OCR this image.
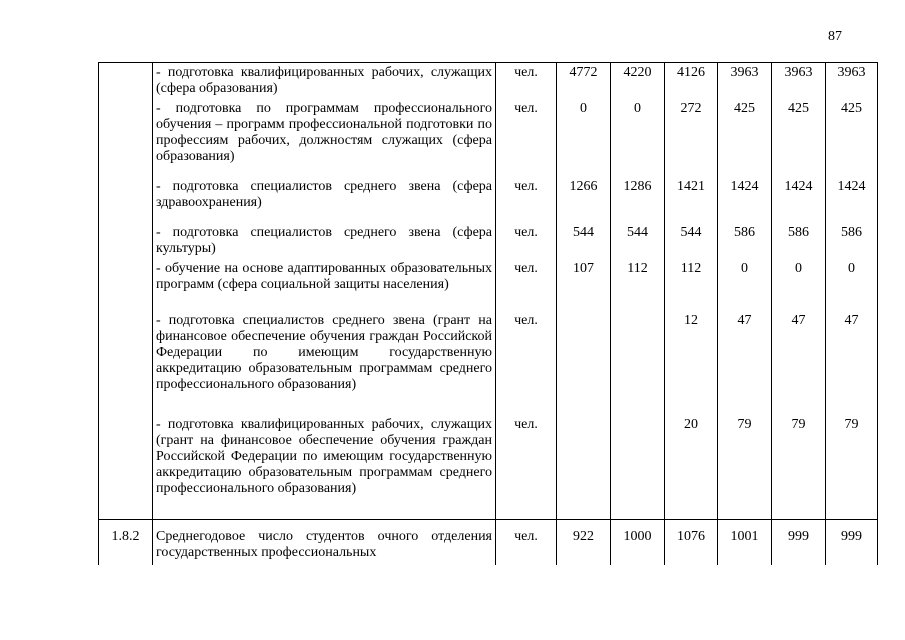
87
	- подготовка квалифицированных рабочих, служащих (сфера образования)	чел.	4772	4220	4126	3963	3963	3963
	- подготовка по программам профессионального обучения – программ профессиональной подготовки по профессиям рабочих, должностям служащих (сфера образования)	чел.	0	0	272	425	425	425
	- подготовка специалистов среднего звена (сфера здравоохранения)	чел.	1266	1286	1421	1424	1424	1424
	- подготовка специалистов среднего звена (сфера культуры)	чел.	544	544	544	586	586	586
	- обучение на основе адаптированных образовательных программ (сфера социальной защиты населения)	чел.	107	112	112	0	0	0
	- подготовка специалистов среднего звена (грант на финансовое обеспечение обучения граждан Российской Федерации по имеющим государственную аккредитацию образовательным программам среднего профессионального образования)	чел.			12	47	47	47
	- подготовка квалифицированных рабочих, служащих (грант на финансовое обеспечение обучения граждан Российской Федерации по имеющим государственную аккредитацию образовательным программам среднего профессионального образования)	чел.			20	79	79	79
1.8.2	Среднегодовое число студентов очного отделения государственных профессиональных	чел.	922	1000	1076	1001	999	999
